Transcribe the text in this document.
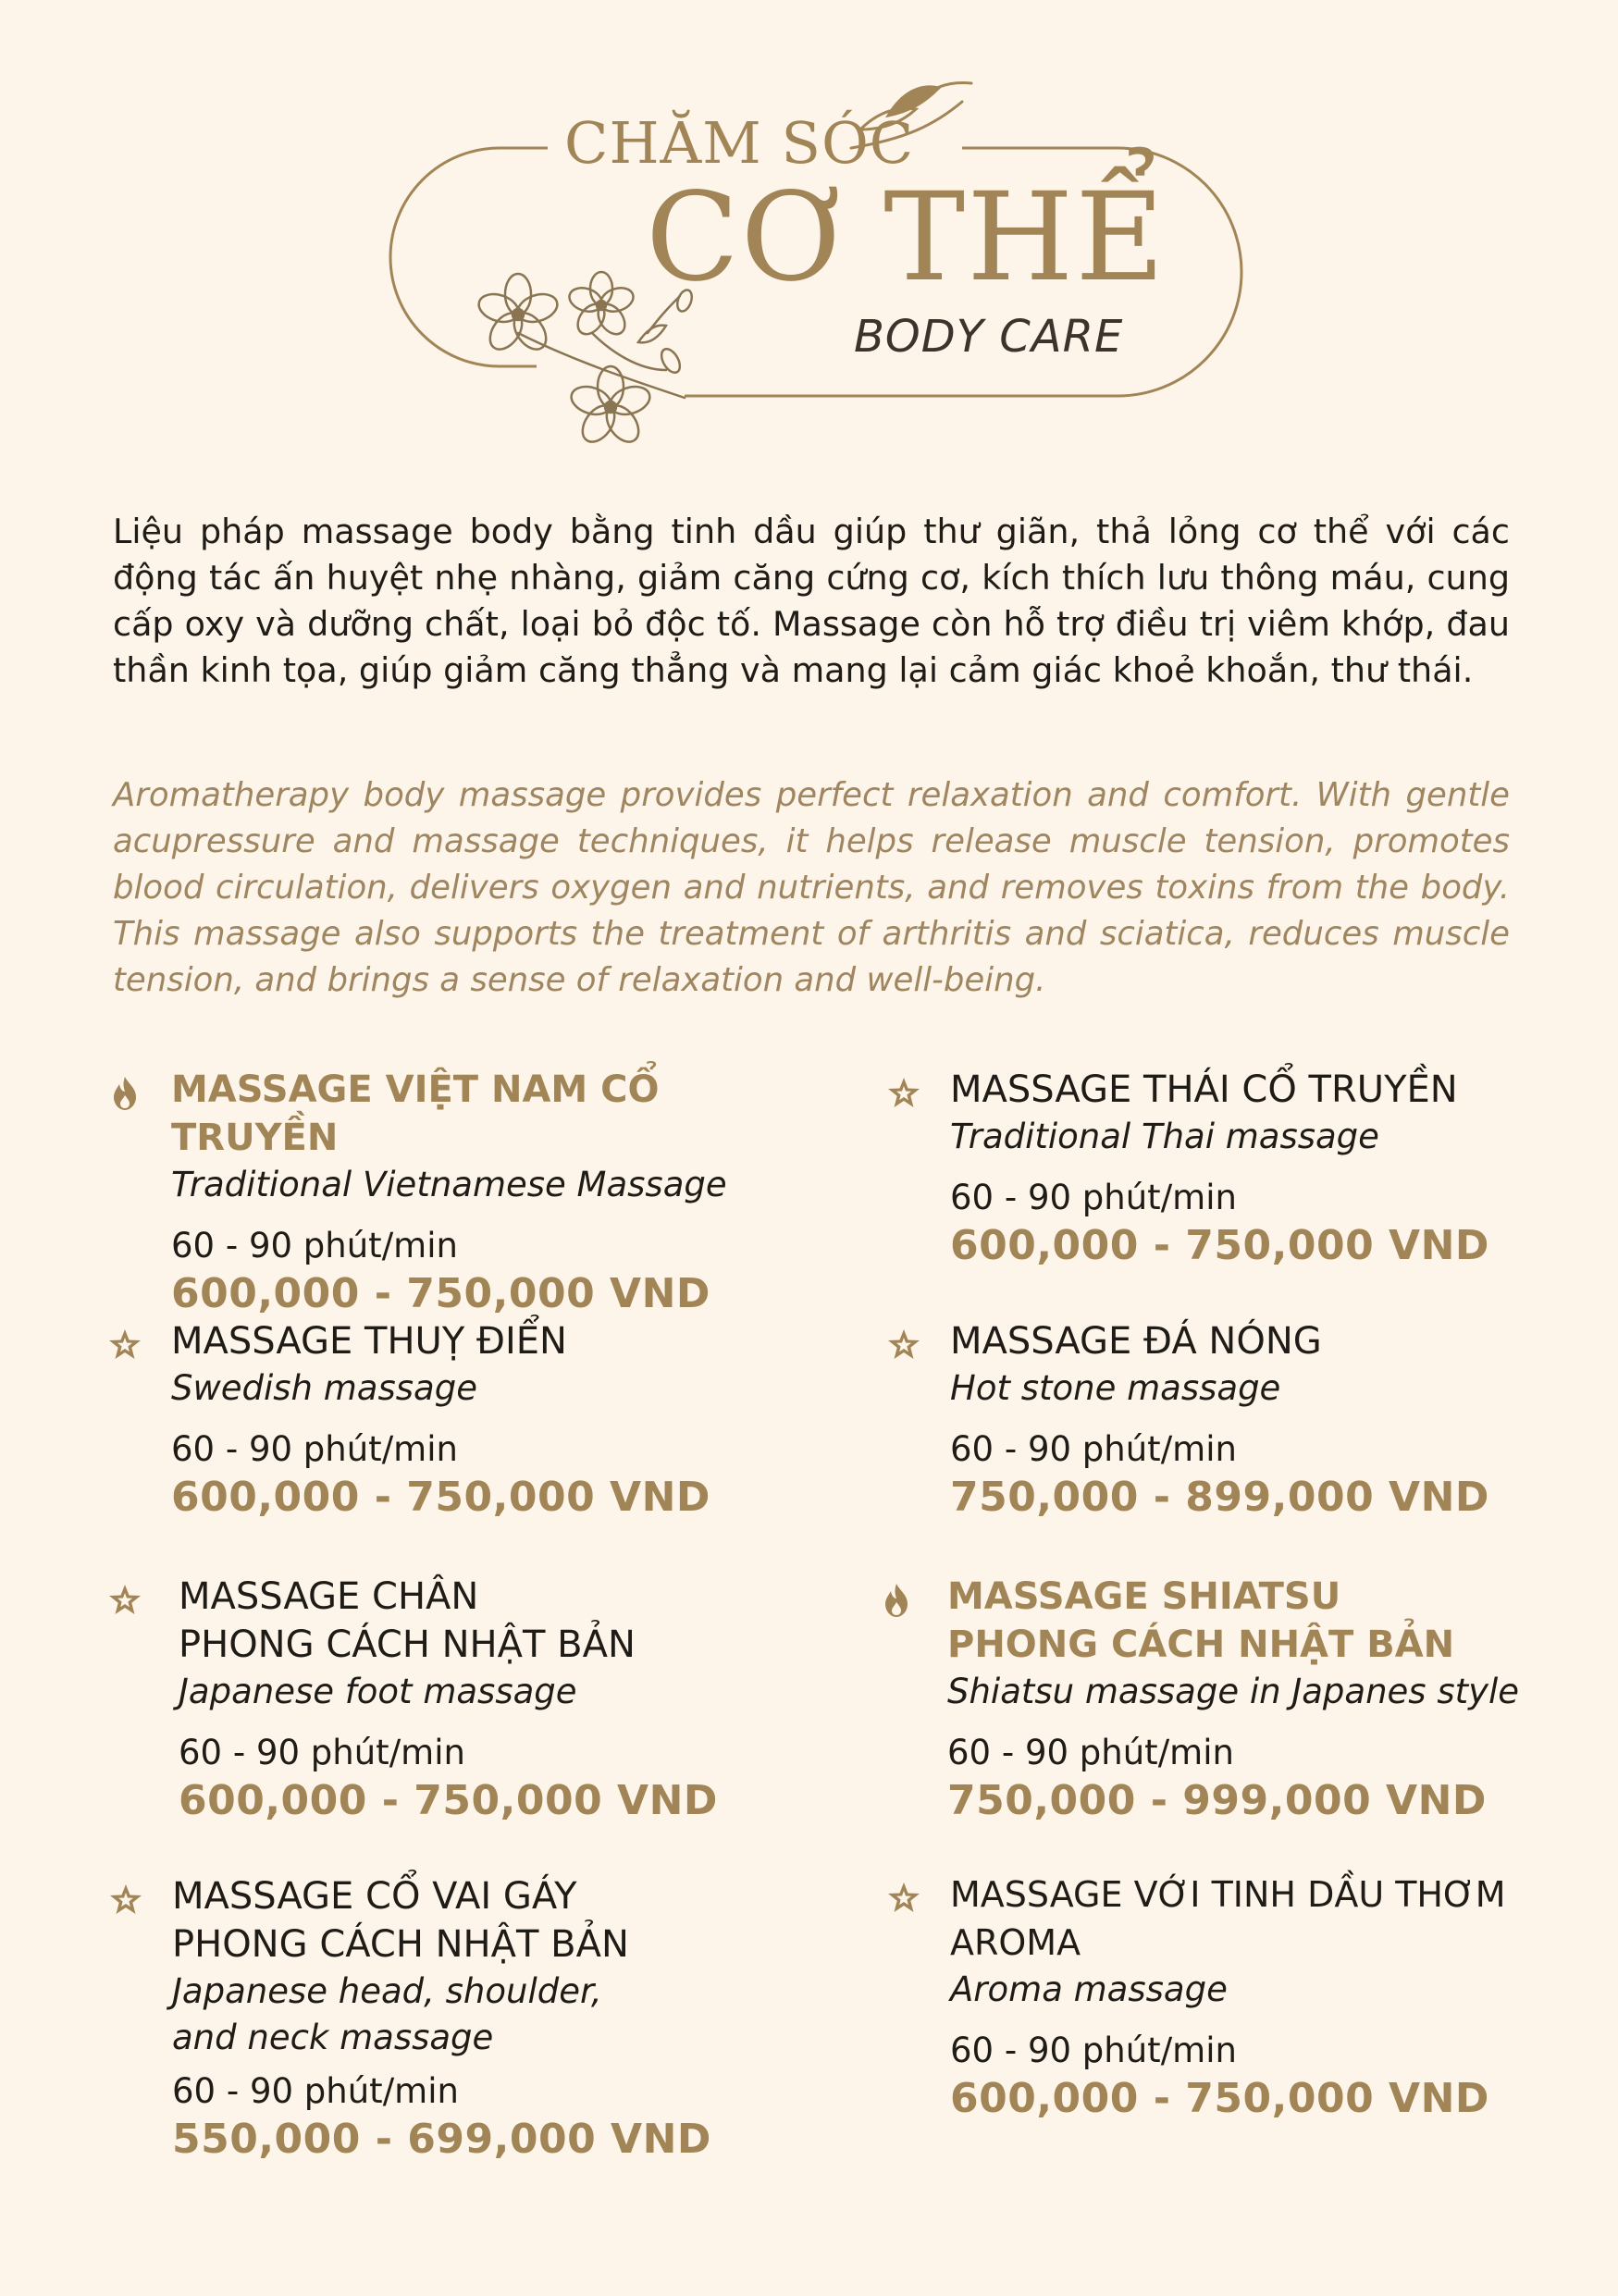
CHĂM SÓC
CƠ THỂ
BODY CARE
Liệu pháp massage body bằng tinh dầu giúp thư giãn, thả lỏng cơ thể với các động tác ấn huyệt nhẹ nhàng, giảm căng cứng cơ, kích thích lưu thông máu, cung cấp oxy và dưỡng chất, loại bỏ độc tố. Massage còn hỗ trợ điều trị viêm khớp, đau thần kinh tọa, giúp giảm căng thẳng và mang lại cảm giác khoẻ khoắn, thư thái.
Aromatherapy body massage provides perfect relaxation and comfort. With gentle acupressure and massage techniques, it helps release muscle tension, promotes blood circulation, delivers oxygen and nutrients, and removes toxins from the body. This massage also supports the treatment of arthritis and sciatica, reduces muscle tension, and brings a sense of relaxation and well-being.
MASSAGE VIỆT NAM CỔ TRUYỀN
Traditional Vietnamese Massage
60 - 90 phút/min
600,000 - 750,000 VND
MASSAGE THÁI CỔ TRUYỀN
Traditional Thai massage
60 - 90 phút/min
600,000 - 750,000 VND
MASSAGE THUỴ ĐIỂN
Swedish massage
60 - 90 phút/min
600,000 - 750,000 VND
MASSAGE ĐÁ NÓNG
Hot stone massage
60 - 90 phút/min
750,000 - 899,000 VND
MASSAGE CHÂN
PHONG CÁCH NHẬT BẢN
Japanese foot massage
60 - 90 phút/min
600,000 - 750,000 VND
MASSAGE SHIATSU
PHONG CÁCH NHẬT BẢN
Shiatsu massage in Japanes style
60 - 90 phút/min
750,000 - 999,000 VND
MASSAGE CỔ VAI GÁY
PHONG CÁCH NHẬT BẢN
Japanese head, shoulder,
and neck massage
60 - 90 phút/min
550,000 - 699,000 VND
MASSAGE VỚI TINH DẦU THƠM
AROMA
Aroma massage
60 - 90 phút/min
600,000 - 750,000 VND
